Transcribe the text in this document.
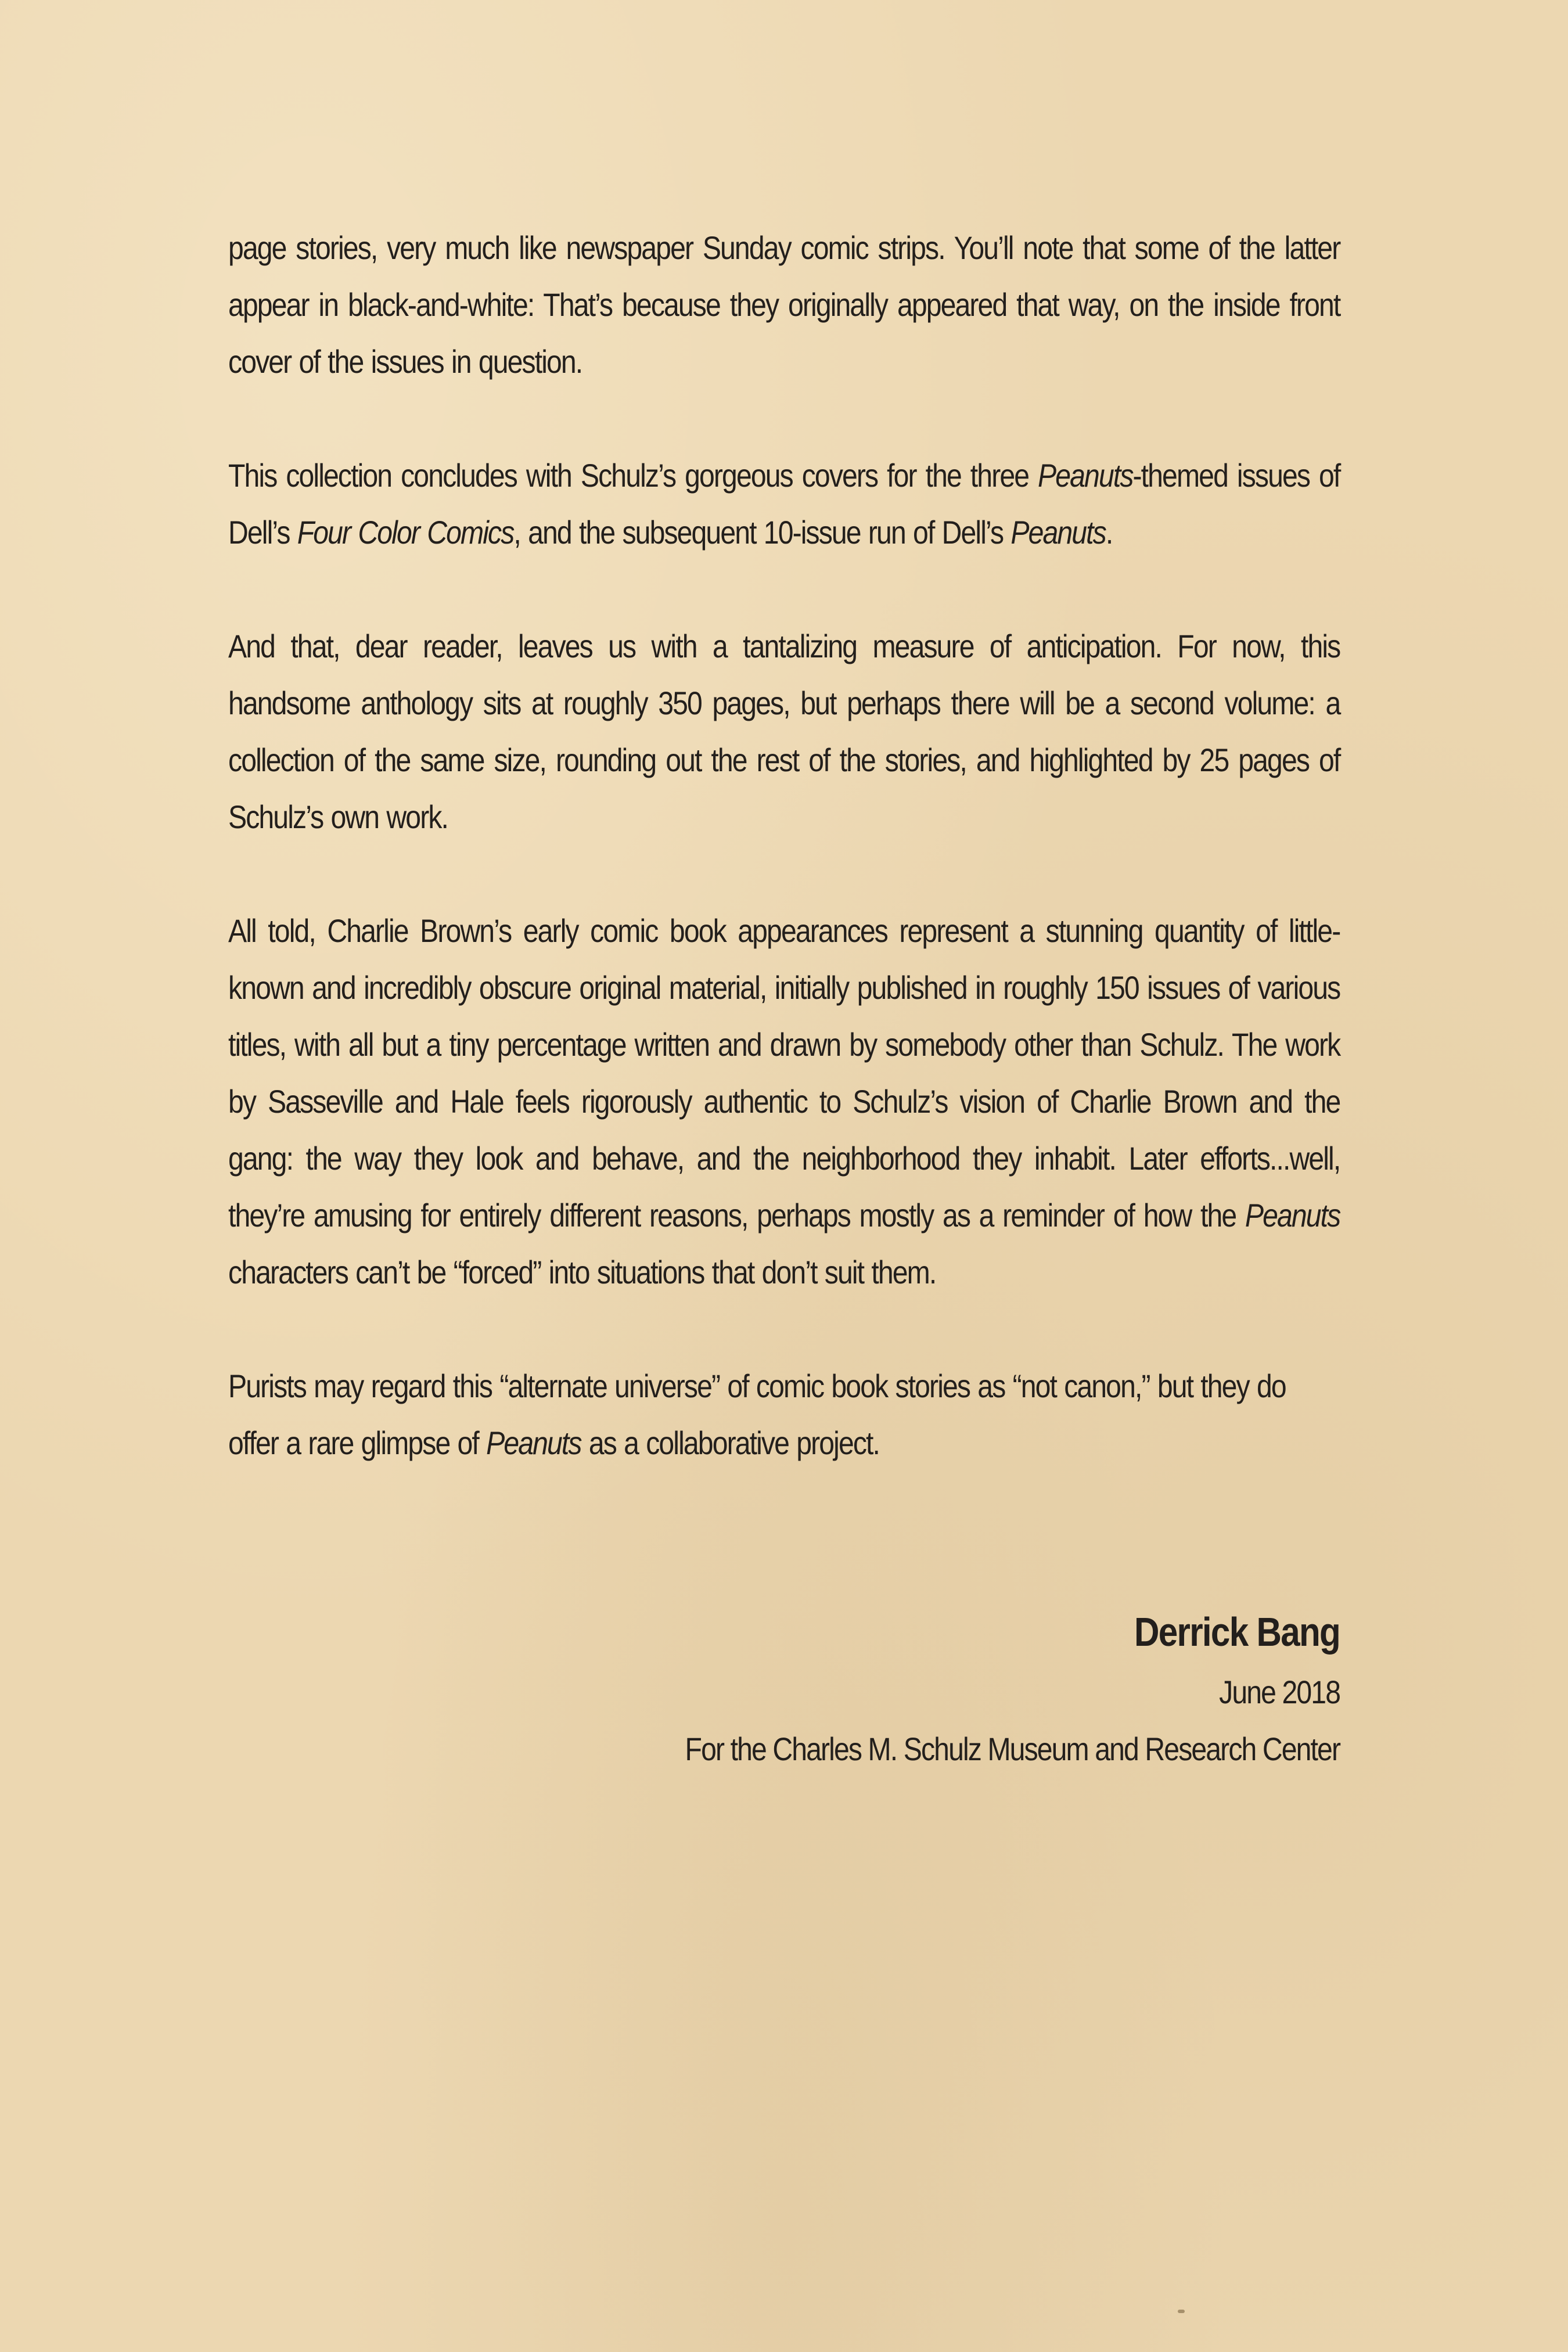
page stories, very much like newspaper Sunday comic strips. You’ll note that some of the latter appear in black-and-white: That’s because they originally appeared that way, on the inside front cover of the issues in question.

This collection concludes with Schulz’s gorgeous covers for the three Peanuts-themed issues of Dell’s Four Color Comics, and the subsequent 10-issue run of Dell’s Peanuts.

And that, dear reader, leaves us with a tantalizing measure of anticipation. For now, this handsome anthology sits at roughly 350 pages, but perhaps there will be a second volume: a collection of the same size, rounding out the rest of the stories, and highlighted by 25 pages of Schulz’s own work.

All told, Charlie Brown’s early comic book appearances represent a stunning quantity of little-known and incredibly obscure original material, initially published in roughly 150 issues of various titles, with all but a tiny percentage written and drawn by somebody other than Schulz. The work by Sasseville and Hale feels rigorously authentic to Schulz’s vision of Charlie Brown and the gang: the way they look and behave, and the neighborhood they inhabit. Later efforts...well, they’re amusing for entirely different reasons, perhaps mostly as a reminder of how the Peanuts characters can’t be “forced” into situations that don’t suit them.

Purists may regard this “alternate universe” of comic book stories as “not canon,” but they do offer a rare glimpse of Peanuts as a collaborative project.

Derrick Bang
June 2018
For the Charles M. Schulz Museum and Research Center
